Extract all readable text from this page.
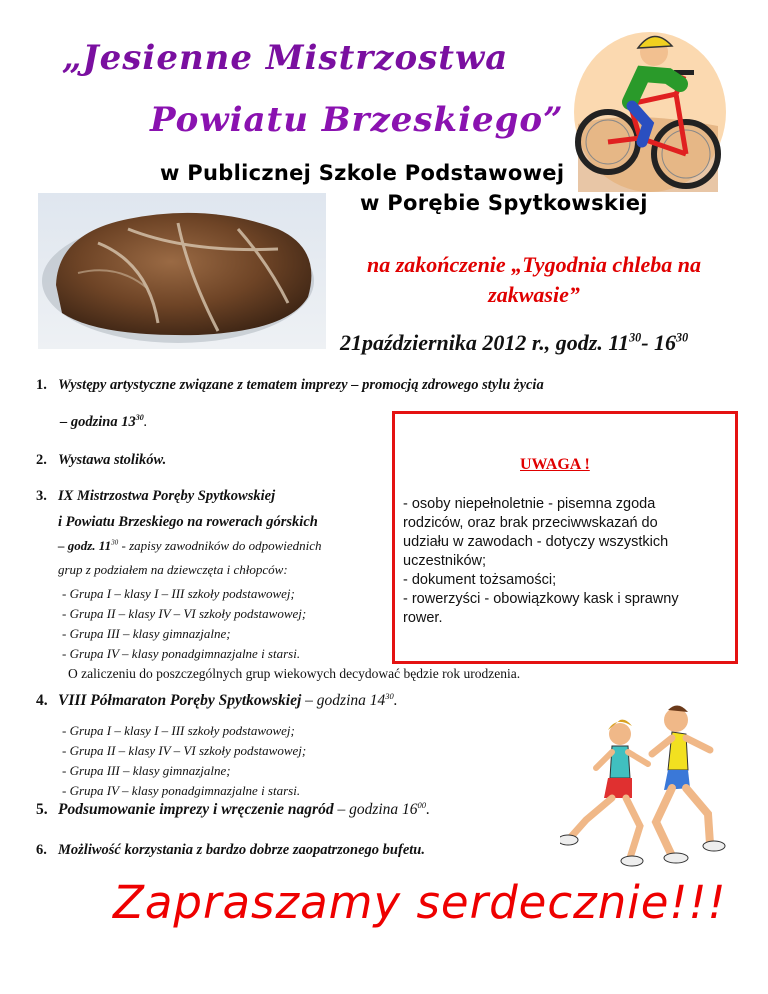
„Jesienne Mistrzostwa
Powiatu Brzeskiego”
w Publicznej Szkole Podstawowej
w Porębie Spytkowskiej
na zakończenie „Tygodnia chleba na
zakwasie”
21października 2012 r., godz. $11^{30}-$ $16^{30}$
1. Występy artystyczne związane z tematem imprezy – promocją zdrowego stylu życia
– godzina $13^{30}$.
2. Wystawa stolików.
3. IX Mistrzostwa Poręby Spytkowskiej
i Powiatu Brzeskiego na rowerach górskich
– godz. $11^{30}$ - zapisy zawodników do odpowiednich
grup z podziałem na dziewczęta i chłopców:
- Grupa I – klasy I – III szkoły podstawowej;
- Grupa II – klasy IV – VI szkoły podstawowej;
- Grupa III – klasy gimnazjalne;
- Grupa IV – klasy ponadgimnazjalne i starsi.
O zaliczeniu do poszczególnych grup wiekowych decydować będzie rok urodzenia.
UWAGA !
- osoby niepełnoletnie - pisemna zgoda
rodziców, oraz brak przeciwwskazań do
udziału w zawodach - dotyczy wszystkich
uczestników;
- dokument tożsamości;
- rowerzyści - obowiązkowy kask i sprawny
rower.
4. VIII Półmaraton Poręby Spytkowskiej – godzina $14^{30}$.
- Grupa I – klasy I – III szkoły podstawowej;
- Grupa II – klasy IV – VI szkoły podstawowej;
- Grupa III – klasy gimnazjalne;
- Grupa IV – klasy ponadgimnazjalne i starsi.
5. Podsumowanie imprezy i wręczenie nagród – godzina $16^{00}$.
6. Możliwość korzystania z bardzo dobrze zaopatrzonego bufetu.
Zapraszamy serdecznie!!!
